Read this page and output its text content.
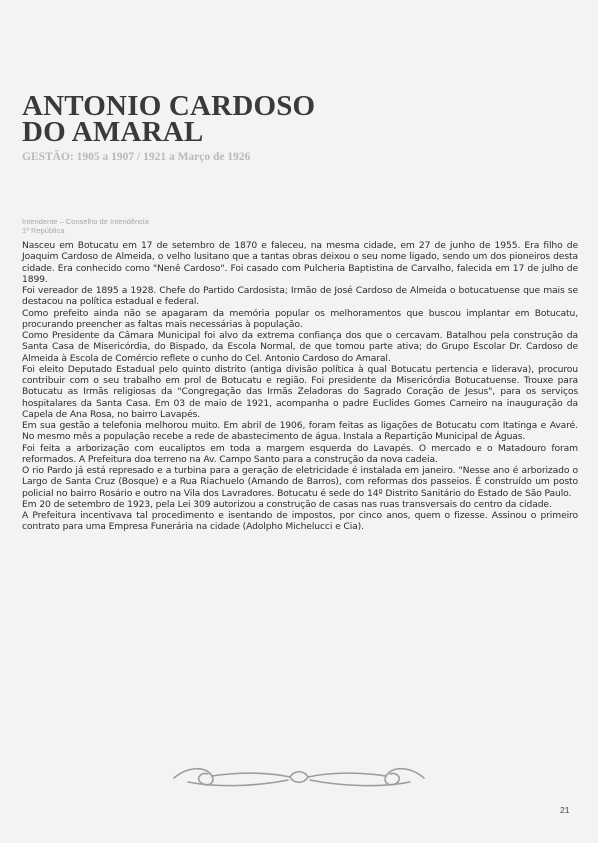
ANTONIO CARDOSO
DO AMARAL
GESTÃO: 1905 a 1907 / 1921 a Março de 1926
Intendente – Conselho de Intendência
1ª República

Nasceu em Botucatu em 17 de setembro de 1870 e faleceu, na mesma cidade, em 27 de junho de 1955. Era filho de Joaquim Cardoso de Almeida, o velho lusitano que a tantas obras deixou o seu nome ligado, sendo um dos pioneiros desta cidade. Era conhecido como "Nenê Cardoso". Foi casado com Pulcheria Baptistina de Carvalho, falecida em 17 de julho de 1899.

Foi vereador de 1895 a 1928. Chefe do Partido Cardosista; Irmão de José Cardoso de Almeida o botucatuense que mais se destacou na política estadual e federal.

Como prefeito ainda não se apagaram da memória popular os melhoramentos que buscou implantar em Botucatu, procurando preencher as faltas mais necessárias à população.

Como Presidente da Câmara Municipal foi alvo da extrema confiança dos que o cercavam. Batalhou pela construção da Santa Casa de Misericórdia, do Bispado, da Escola Normal, de que tomou parte ativa; do Grupo Escolar Dr. Cardoso de Almeida à Escola de Comércio reflete o cunho do Cel. Antonio Cardoso do Amaral.

Foi eleito Deputado Estadual pelo quinto distrito (antiga divisão política à qual Botucatu pertencia e liderava), procurou contribuir com o seu trabalho em prol de Botucatu e região. Foi presidente da Misericórdia Botucatuense. Trouxe para Botucatu as Irmãs religiosas da "Congregação das Irmãs Zeladoras do Sagrado Coração de Jesus", para os serviços hospitalares da Santa Casa. Em 03 de maio de 1921, acompanha o padre Euclides Gomes Carneiro na inauguração da Capela de Ana Rosa, no bairro Lavapés.

Em sua gestão a telefonia melhorou muito. Em abril de 1906, foram feitas as ligações de Botucatu com Itatinga e Avaré. No mesmo mês a população recebe a rede de abastecimento de água. Instala a Repartição Municipal de Águas.

Foi feita a arborização com eucaliptos em toda a margem esquerda do Lavapés. O mercado e o Matadouro foram reformados. A Prefeitura doa terreno na Av. Campo Santo para a construção da nova cadeia.

O rio Pardo já está represado e a turbina para a geração de eletricidade é instalada em janeiro. "Nesse ano é arborizado o Largo de Santa Cruz (Bosque) e a Rua Riachuelo (Amando de Barros), com reformas dos passeios. É construído um posto policial no bairro Rosário e outro na Vila dos Lavradores. Botucatu é sede do 14º Distrito Sanitário do Estado de São Paulo.

Em 20 de setembro de 1923, pela Lei 309 autorizou a construção de casas nas ruas transversais do centro da cidade.

A Prefeitura incentivava tal procedimento e isentando de impostos, por cinco anos, quem o fizesse. Assinou o primeiro contrato para uma Empresa Funerária na cidade (Adolpho Michelucci e Cia).

21
